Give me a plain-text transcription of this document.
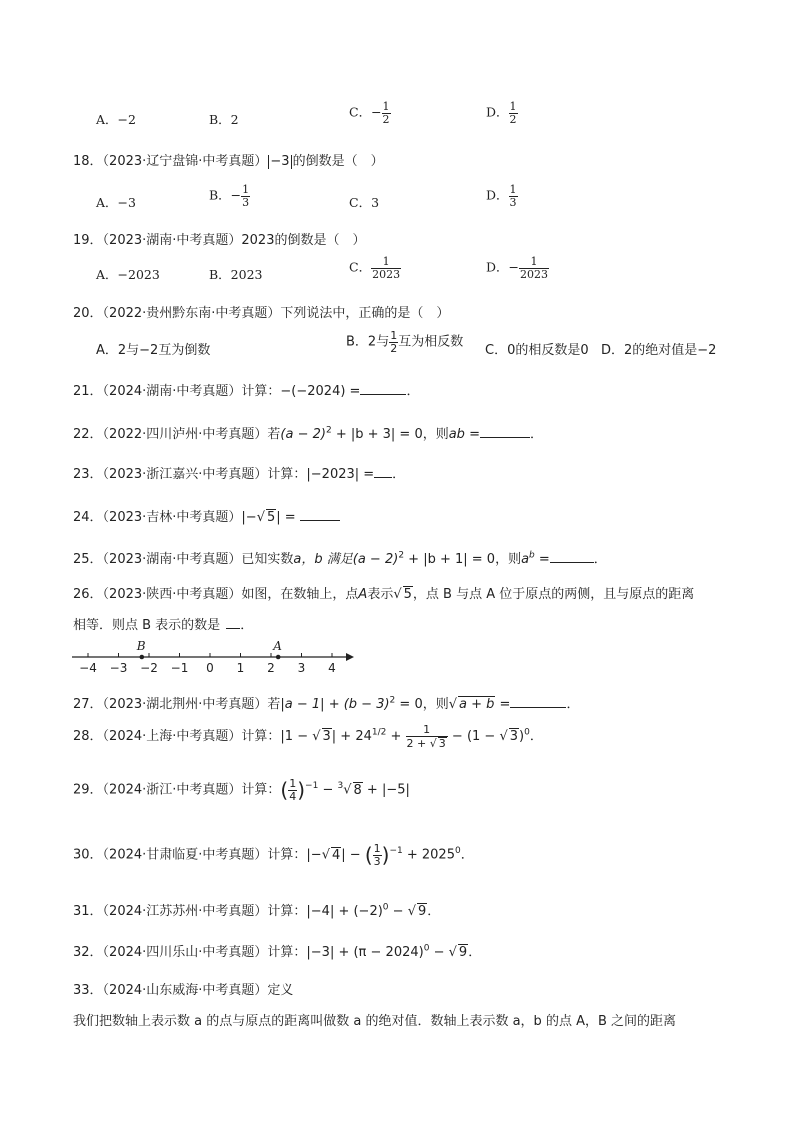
A．−2	B．2	C．− $\frac{1}{2}$	D． $\frac{1}{2}$
18．（2023·辽宁盘锦·中考真题） −3 的倒数是（　）
A．−3	B．− $\frac{1}{3}$	C．3	D． $\frac{1}{3}$
19．（2023·湖南·中考真题）2023的倒数是（　）
A．−2023	B．2023	C． $\frac{1}{2023}$	D．− $\frac{1}{2023}$
20．（2022·贵州黔东南·中考真题）下列说法中，正确的是（　）
A．2与−2互为倒数
B．2与 $\frac{1}{2}$ 互为相反数
C．0的相反数是0 D．2的绝对值是−2
21．（2024·湖南·中考真题）计算：−(−2024) =	．
22．（2022·四川泸州·中考真题）若$(a - 2)^2 + |b + 3| = 0$，则ab =	．
23．（2023·浙江嘉兴·中考真题）计算：|−2023| = ．
24．（2023·吉林·中考真题）|−√ 5| =
25．（2023·湖南·中考真题）已知实数a，b 满足$(a - 2)^2 + |b + 1| = 0$，则$a^b$ =	．
26．（2023·陕西·中考真题）如图，在数轴上，点A表示√ 5，点 B 与点 A 位于原点的两侧，且与原点的距离
相等．则点 B 表示的数是 ．
−4 −3 −2 −1 0 1 2 3 4
B	A
27．（2023·湖北荆州·中考真题）若$|a - 1| + (b - 3)^2 = 0$，则√ a + b =	．
28．（2024·上海·中考真题）计算：|1 − √ $3| + 24^{1/2} + \frac{1}{2 + √ 3} - (1$ − √ 3)$^0$．
29．（2024·浙江·中考真题）计算：( $\frac{1}{4} )^{-1} - ^3√$ 8 + |−5|
30．（2024·甘肃临夏·中考真题）计算：|−√ 4| − ( $\frac{1}{3} )^{-1} + 2025^0$．
31．（2024·江苏苏州·中考真题）计算：$|-4| + (-2)^0$ − √ 9．
32．（2024·四川乐山·中考真题）计算：$|-3| + (\pi - 2024)^0$ − √ 9．
33．（2024·山东威海·中考真题）定义
我们把数轴上表示数 a 的点与原点的距离叫做数 a 的绝对值．数轴上表示数 a，b 的点 A，B 之间的距离
